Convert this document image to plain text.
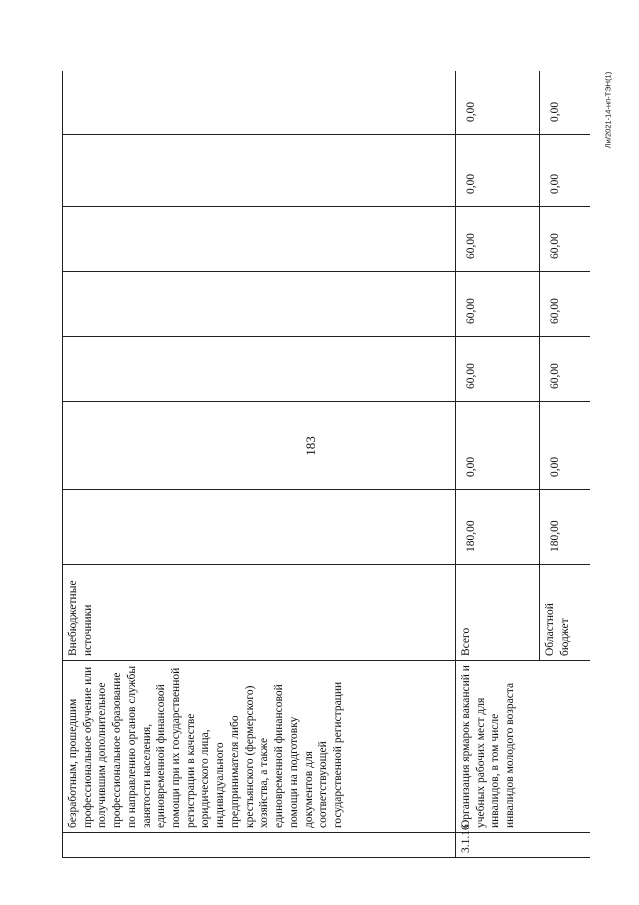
183
Ли/2021-14-нп-ТЭН(1)
	безработным, прошедшим профессиональное обучение или получившим дополнительное профессиональное образование по направлению органов службы занятости населения, единовременной финансовой помощи при их государственной регистрации в качестве юридического лица, индивидуального предпринимателя либо крестьянского (фермерского) хозяйства, а также единовременной финансовой помощи на подготовку документов для соответствующей государственной регистрации	Внебюджетные источники							
3.1.16	Организация ярмарок вакансий и учебных рабочих мест для инвалидов, в том числе инвалидов молодого возраста	Всего	180,00	0,00	60,00	60,00	60,00	0,00	0,00
		Областной бюджет	180,00	0,00	60,00	60,00	60,00	0,00	0,00
